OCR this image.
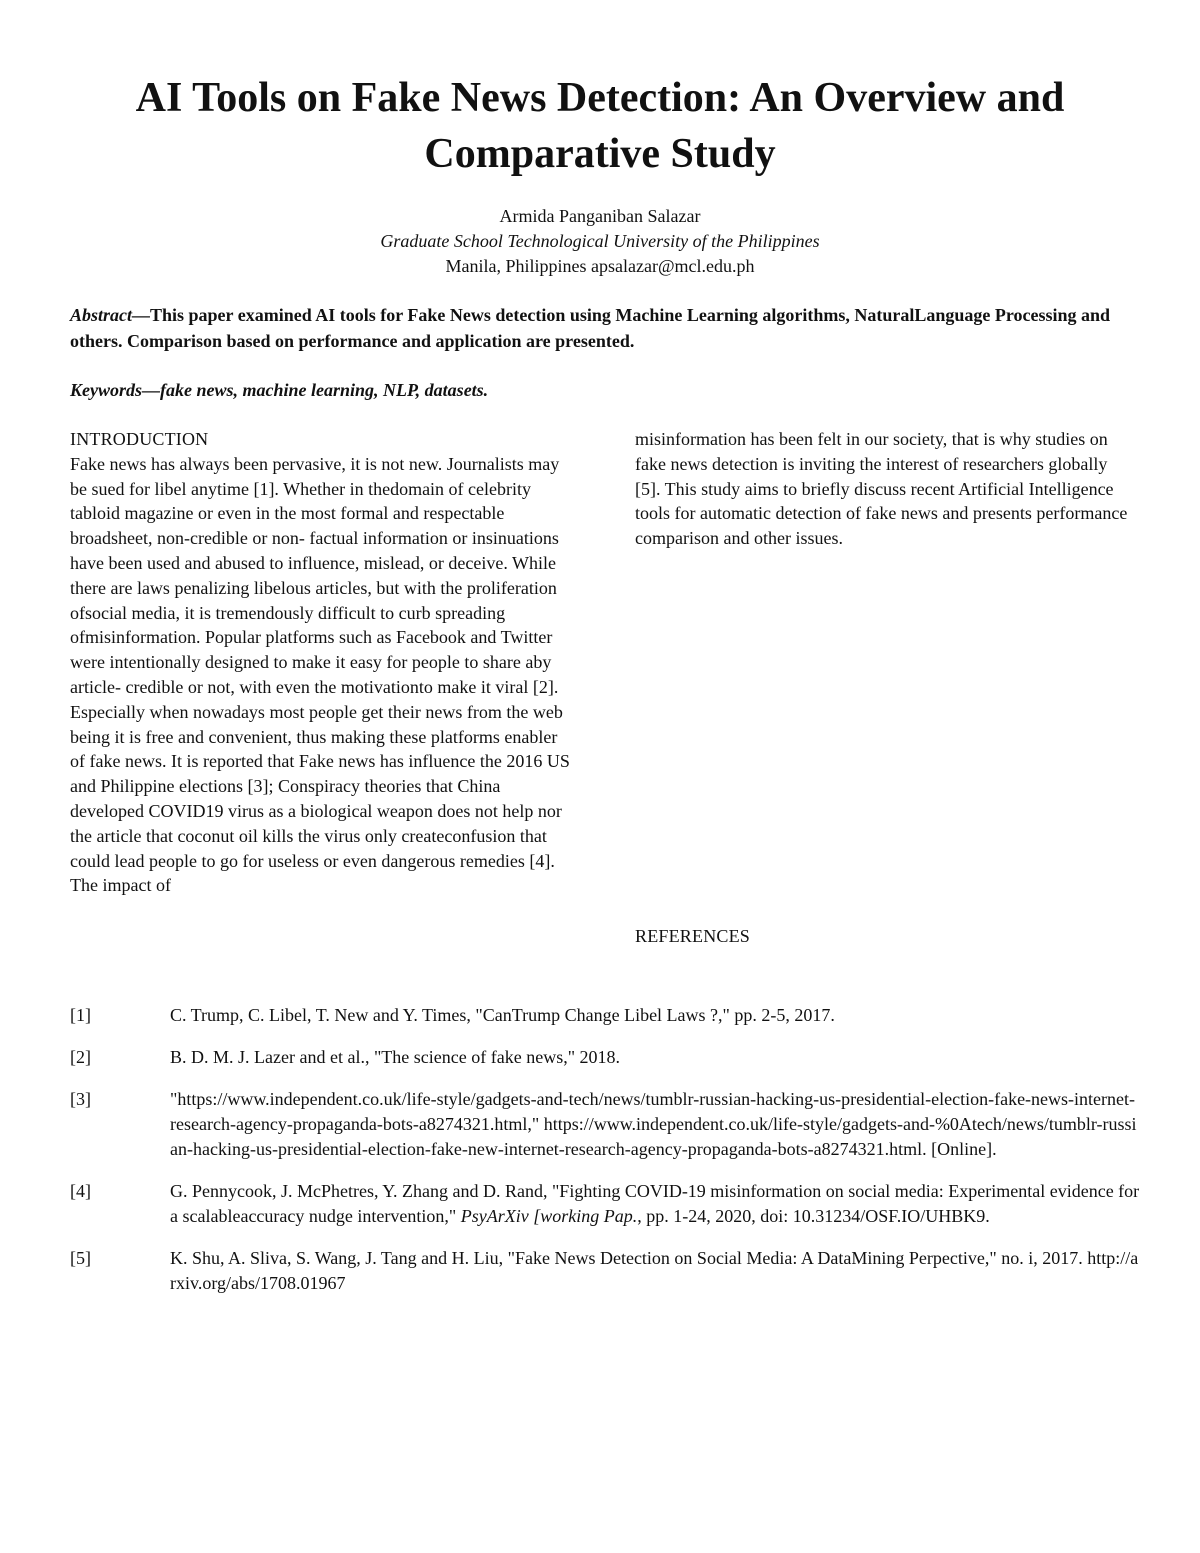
AI Tools on Fake News Detection: An Overview and
Comparative Study
Armida Panganiban Salazar
Graduate School Technological University of the Philippines
Manila, Philippines apsalazar@mcl.edu.ph

Abstract—This paper examined AI tools for Fake News detection using Machine Learning algorithms, NaturalLanguage Processing and others. Comparison based on performance and application are presented.

Keywords—fake news, machine learning, NLP, datasets.

INTRODUCTION

Fake news has always been pervasive, it is not new. Journalists may be sued for libel anytime [1]. Whether in thedomain of celebrity tabloid magazine or even in the most formal and respectable broadsheet, non-credible or non- factual information or insinuations have been used and abused to influence, mislead, or deceive. While there are laws penalizing libelous articles, but with the proliferation ofsocial media, it is tremendously difficult to curb spreading ofmisinformation. Popular platforms such as Facebook and Twitter were intentionally designed to make it easy for people to share aby article- credible or not, with even the motivationto make it viral [2]. Especially when nowadays most people get their news from the web being it is free and convenient, thus making these platforms enabler of fake news. It is reported that Fake news has influence the 2016 US and Philippine elections [3]; Conspiracy theories that China developed COVID19 virus as a biological weapon does not help nor the article that coconut oil kills the virus only createconfusion that could lead people to go for useless or even dangerous remedies [4]. The impact of

misinformation has been felt in our society, that is why studies on fake news detection is inviting the interest of researchers globally [5]. This study aims to briefly discuss recent Artificial Intelligence tools for automatic detection of fake news and presents performance comparison and other issues.

REFERENCES
[1]	C. Trump, C. Libel, T. New and Y. Times, "CanTrump Change Libel Laws ?," pp. 2-5, 2017.
[2]	B. D. M. J. Lazer and et al., "The science of fake news," 2018.
[3]	"https://www.independent.co.uk/life-style/gadgets-and-tech/news/tumblr-russian-hacking-us-presidential-election-fake-news-internet-research-agency-propaganda-bots-a8274321.html," https://www.independent.co.uk/life-style/gadgets-and-%0Atech/news/tumblr-russian-hacking-us-presidential-election-fake-new-internet-research-agency-propaganda-bots-a8274321.html. [Online].
[4]	G. Pennycook, J. McPhetres, Y. Zhang and D. Rand, "Fighting COVID-19 misinformation on social media: Experimental evidence for a scalableaccuracy nudge intervention," PsyArXiv [working Pap., pp. 1-24, 2020, doi: 10.31234/OSF.IO/UHBK9.
[5]	K. Shu, A. Sliva, S. Wang, J. Tang and H. Liu, "Fake News Detection on Social Media: A DataMining Perpective," no. i, 2017. http://arxiv.org/abs/1708.01967
